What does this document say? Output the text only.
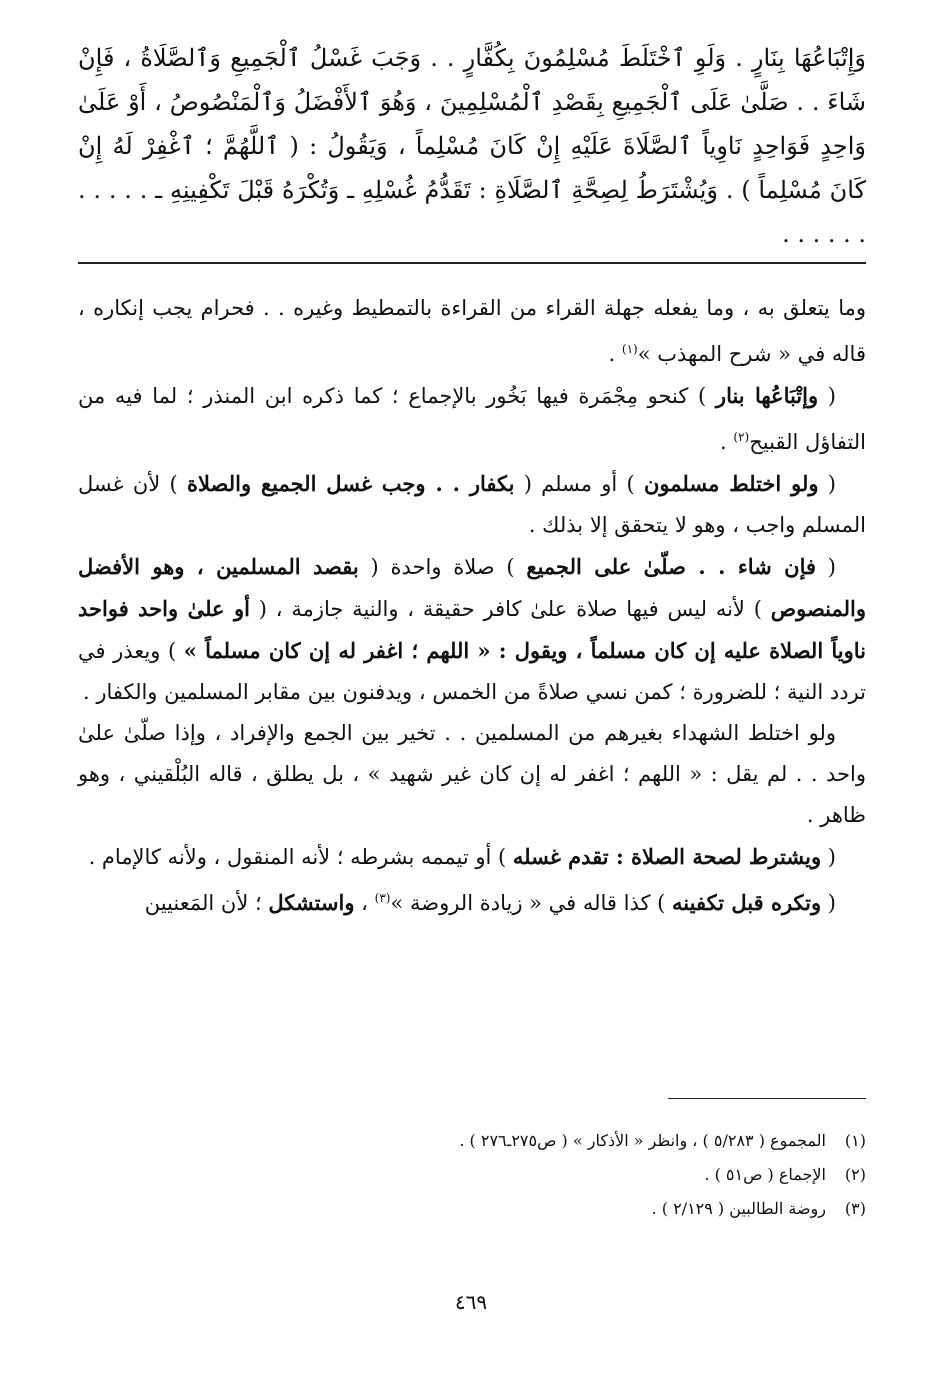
وَإِتْبَاعُهَا بِنَارٍ . وَلَوِ ٱخْتَلَطَ مُسْلِمُونَ بِكُفَّارٍ . . وَجَبَ غَسْلُ ٱلْجَمِيعِ وَٱلصَّلَاةُ ، فَإِنْ شَاءَ . . صَلَّىٰ عَلَى ٱلْجَمِيعِ بِقَصْدِ ٱلْمُسْلِمِينَ ، وَهُوَ ٱلأَفْضَلُ وَٱلْمَنْصُوصُ ، أَوْ عَلَىٰ وَاحِدٍ فَوَاحِدٍ نَاوِياً ٱلصَّلَاةَ عَلَيْهِ إِنْ كَانَ مُسْلِماً ، وَيَقُولُ : ( ٱللَّهُمَّ ؛ ٱغْفِرْ لَهُ إِنْ كَانَ مُسْلِماً ) . وَيُشْتَرَطُ لِصِحَّةِ ٱلصَّلَاةِ : تَقَدُّمُ غُسْلِهِ ـ وَتُكْرَهُ قَبْلَ تَكْفِينِهِ ـ . . . . . . . . . . .

وما يتعلق به ، وما يفعله جهلة القراء من القراءة بالتمطيط وغيره . . فحرام يجب إنكاره ، قاله في « شرح المهذب »$^{(١)}$ .

( وإتْبَاعُها بنار ) كنحو مِجْمَرة فيها بَخُور بالإجماع ؛ كما ذكره ابن المنذر ؛ لما فيه من التفاؤل القبيح$^{(٢)}$ .

( ولو اختلط مسلمون ) أو مسلم ( بكفار . . وجب غسل الجميع والصلاة ) لأن غسل المسلم واجب ، وهو لا يتحقق إلا بذلك .

( فإن شاء . . صلّىٰ على الجميع ) صلاة واحدة ( بقصد المسلمين ، وهو الأفضل والمنصوص ) لأنه ليس فيها صلاة علىٰ كافر حقيقة ، والنية جازمة ، ( أو علىٰ واحد فواحد ناوياً الصلاة عليه إن كان مسلماً ، ويقول : « اللهم ؛ اغفر له إن كان مسلماً » ) ويعذر في تردد النية ؛ للضرورة ؛ كمن نسي صلاةً من الخمس ، ويدفنون بين مقابر المسلمين والكفار .

ولو اختلط الشهداء بغيرهم من المسلمين . . تخير بين الجمع والإفراد ، وإذا صلّىٰ علىٰ واحد . . لم يقل : « اللهم ؛ اغفر له إن كان غير شهيد » ، بل يطلق ، قاله البُلْقيني ، وهو ظاهر .

( ويشترط لصحة الصلاة : تقدم غسله ) أو تيممه بشرطه ؛ لأنه المنقول ، ولأنه كالإمام .

( وتكره قبل تكفينه ) كذا قاله في « زيادة الروضة »$^{(٣)}$ ، واستشكل ؛ لأن المَعنيين

(١)المجموع ( ٥/٢٨٣ ) ، وانظر « الأذكار » ( ص٢٧٥ـ٢٧٦ ) .
(٢)الإجماع ( ص٥١ ) .
(٣)روضة الطالبين ( ٢/١٢٩ ) .
٤٦٩
